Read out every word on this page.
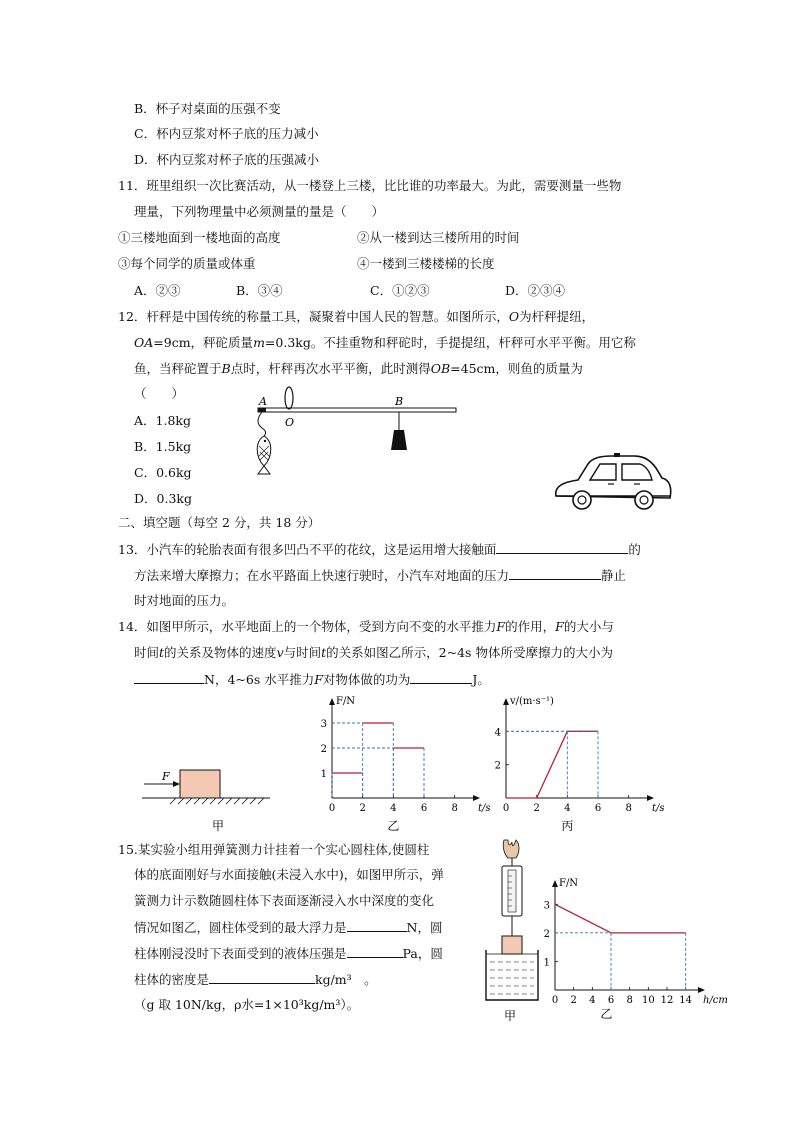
B．杯子对桌面的压强不变
C．杯内豆浆对杯子底的压力减小
D．杯内豆浆对杯子底的压强减小
11．班里组织一次比赛活动，从一楼登上三楼，比比谁的功率最大。为此，需要测量一些物
理量，下列物理量中必须测量的量是（　　）
①三楼地面到一楼地面的高度	②从一楼到达三楼所用的时间
③每个同学的质量或体重	④一楼到三楼楼梯的长度
A．②③	B．③④	C．①②③	D．②③④
12．杆秤是中国传统的称量工具，凝聚着中国人民的智慧。如图所示，O为杆秤提纽，
OA=9cm，秤砣质量m=0.3kg。不挂重物和秤砣时，手提提纽，杆秤可水平平衡。用它称
鱼，当秤砣置于B点时，杆秤再次水平平衡，此时测得OB=45cm，则鱼的质量为
（　　）
A．1.8kg
B．1.5kg
C．0.6kg
D．0.3kg
A
O
B
二、填空题（每空 2 分，共 18 分）
13．小汽车的轮胎表面有很多凹凸不平的花纹，这是运用增大接触面	的
方法来增大摩擦力；在水平路面上快速行驶时，小汽车对地面的压力	静止
时对地面的压力。
14．如图甲所示，水平地面上的一个物体，受到方向不变的水平推力F的作用，F的大小与
时间t的关系及物体的速度v与时间t的关系如图乙所示，2~4s 物体所受摩擦力的大小为
N，4~6s 水平推力F对物体做的功为	J。
F
甲
0 2 4 6 8
1
2
3
F/N
t/s
乙
0 2 4 6 8
2
4
v/(m·s⁻¹)
t/s
丙
15.某实验小组用弹簧测力计挂着一个实心圆柱体,使圆柱
体的底面刚好与水面接触(未浸入水中)，如图甲所示，弹
簧测力计示数随圆柱体下表面逐渐浸入水中深度的变化
情况如图乙，圆柱体受到的最大浮力是	N，圆
柱体刚浸没时下表面受到的液体压强是	Pa，圆
柱体的密度是	kg/m³　。
（g 取 10N/kg，ρ水=1×10³kg/m³）。
甲
0 2 4 6 8 10 12 14
1
2
3
F/N
h/cm
乙
